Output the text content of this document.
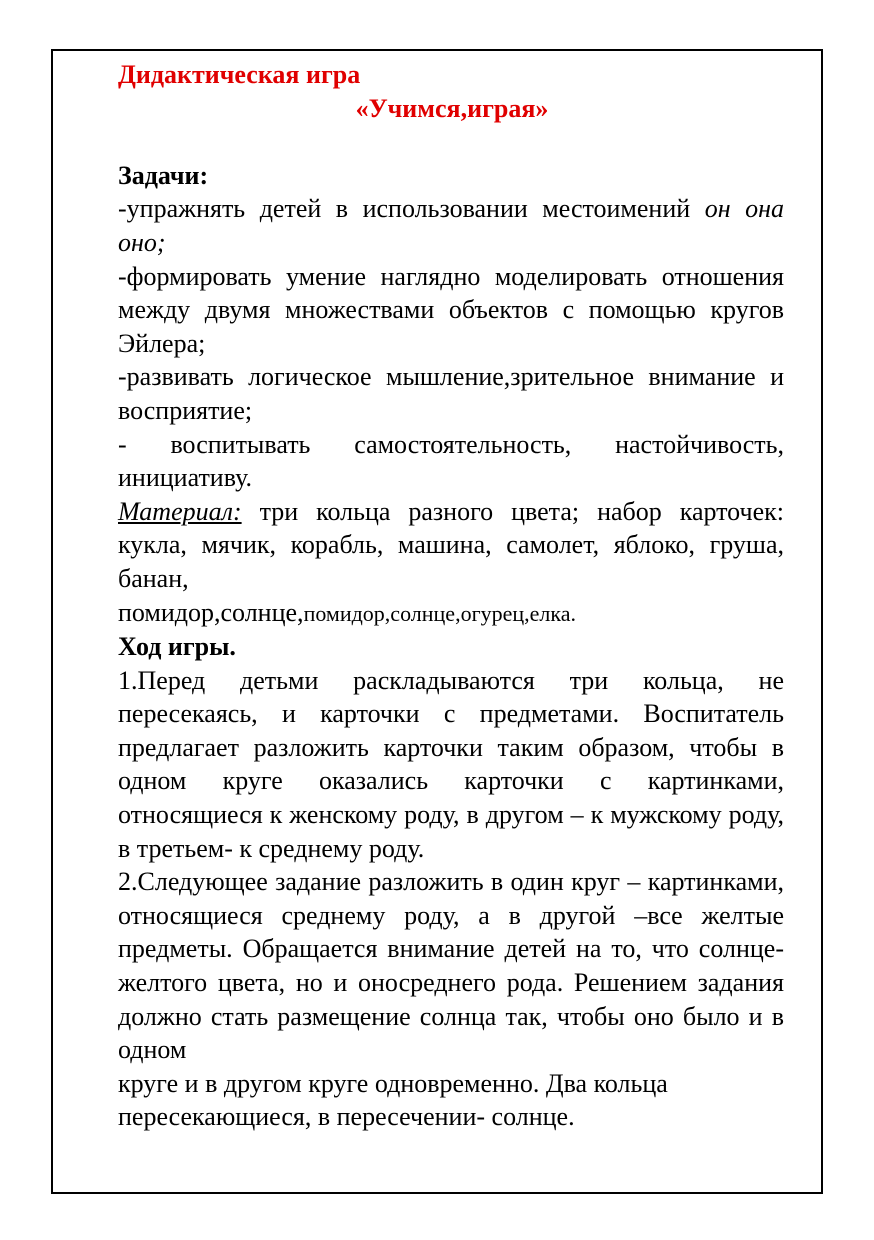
Дидактическая игра

«Учимся,играя»

Задачи:

-упражнять детей в использовании местоимений он она оно;

-формировать умение наглядно моделировать отношения между двумя множествами объектов с помощью кругов Эйлера;

-развивать логическое мышление,зрительное внимание и восприятие;

- воспитывать самостоятельность, настойчивость, инициативу.

Материал: три кольца разного цвета; набор карточек: кукла, мячик, корабль, машина, самолет, яблоко, груша, банан,

помидор,солнце,помидор,солнце,огурец,елка.

Ход игры.

1.Перед детьми раскладываются три кольца, не пересекаясь, и карточки с предметами. Воспитатель предлагает разложить карточки таким образом, чтобы в одном круге оказались карточки с картинками, относящиеся к женскому роду, в другом – к мужскому роду, в третьем- к среднему роду.

2.Следующее задание разложить в один круг – картинками, относящиеся среднему роду, а в другой –все желтые предметы. Обращается внимание детей на то, что солнце-желтого цвета, но и оносреднего рода. Решением задания должно стать размещение солнца так, чтобы оно было и в одном

круге и в другом круге одновременно. Два кольца

пересекающиеся, в пересечении- солнце.
